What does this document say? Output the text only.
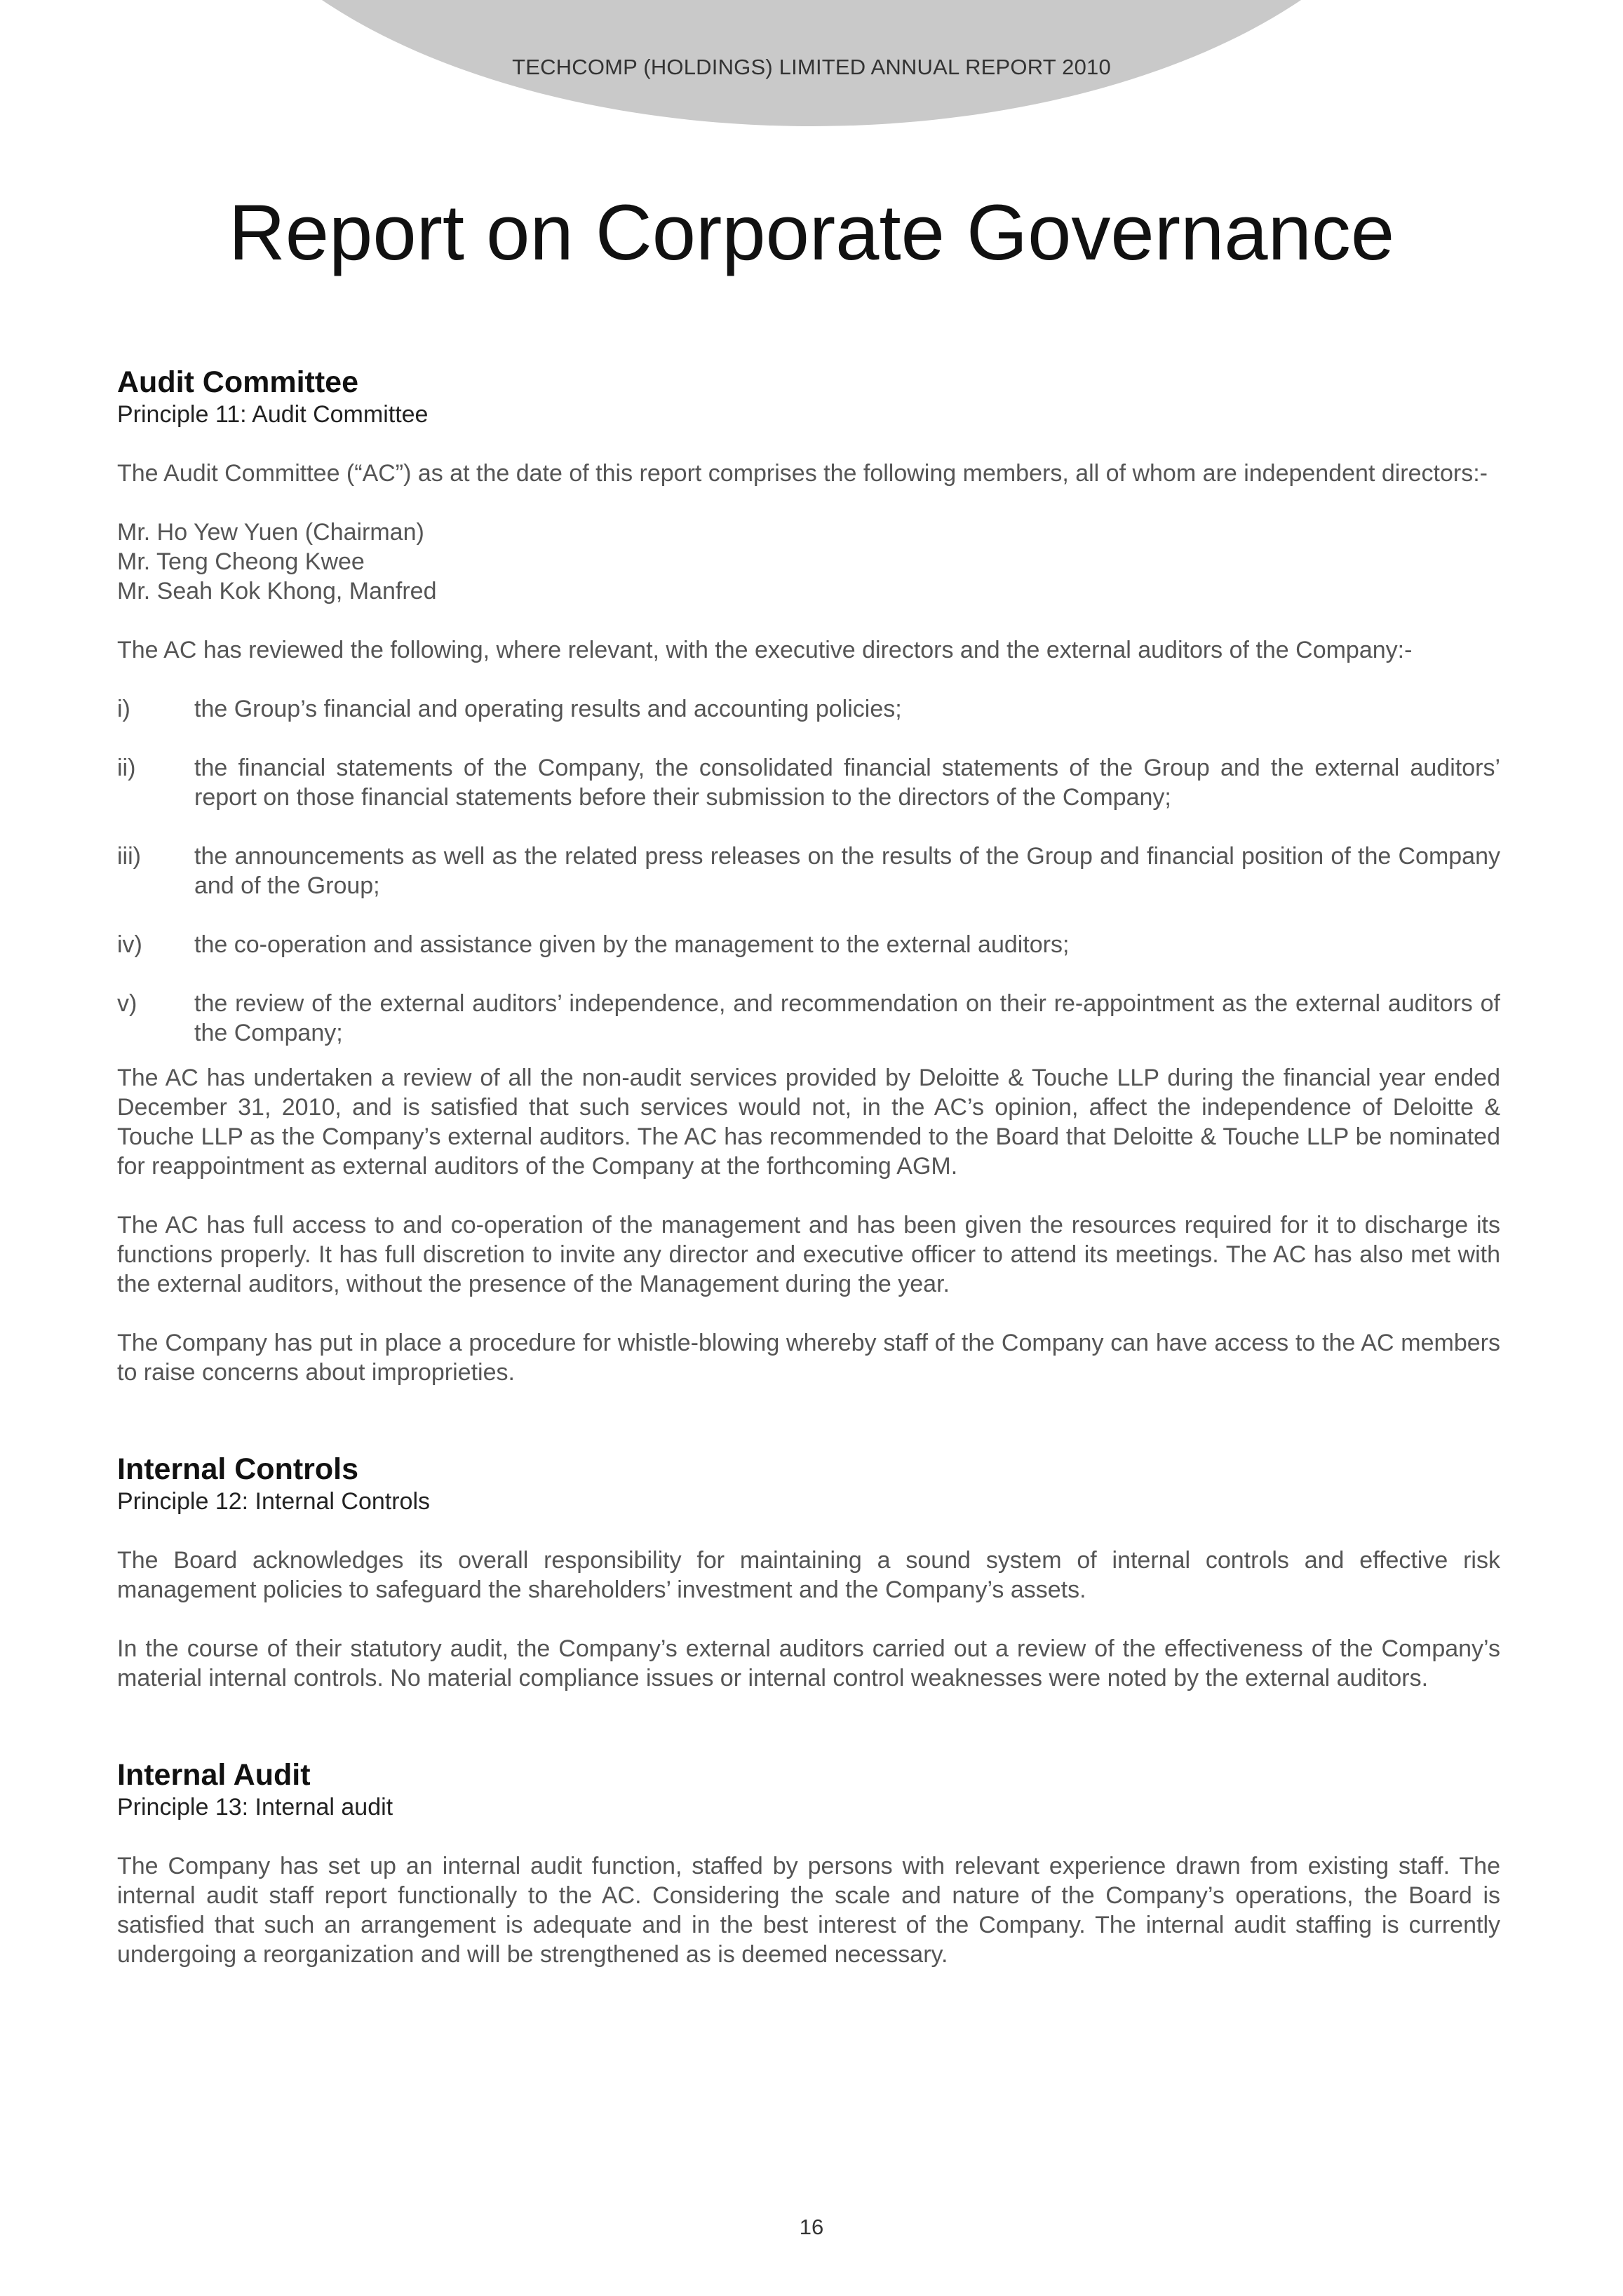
TECHCOMP (HOLDINGS) LIMITED ANNUAL REPORT 2010
Report on Corporate Governance
Audit Committee
Principle 11: Audit Committee

The Audit Committee (“AC”) as at the date of this report comprises the following members, all of whom are independent directors:-

Mr. Ho Yew Yuen (Chairman)
Mr. Teng Cheong Kwee
Mr. Seah Kok Khong, Manfred

The AC has reviewed the following, where relevant, with the executive directors and the external auditors of the Company:-

i)	the Group’s financial and operating results and accounting policies;
ii)	the financial statements of the Company, the consolidated financial statements of the Group and the external auditors’ report on those financial statements before their submission to the directors of the Company;
iii)	the announcements as well as the related press releases on the results of the Group and financial position of the Company and of the Group;
iv)	the co-operation and assistance given by the management to the external auditors;
v)	the review of the external auditors’ independence, and recommendation on their re-appointment as the external auditors of the Company;

The AC has undertaken a review of all the non-audit services provided by Deloitte & Touche LLP during the financial year ended December 31, 2010, and is satisfied that such services would not, in the AC’s opinion, affect the independence of Deloitte & Touche LLP as the Company’s external auditors. The AC has recommended to the Board that Deloitte & Touche LLP be nominated for reappointment as external auditors of the Company at the forthcoming AGM.

The AC has full access to and co-operation of the management and has been given the resources required for it to discharge its functions properly. It has full discretion to invite any director and executive officer to attend its meetings. The AC has also met with the external auditors, without the presence of the Management during the year.

The Company has put in place a procedure for whistle-blowing whereby staff of the Company can have access to the AC members to raise concerns about improprieties.

Internal Controls
Principle 12: Internal Controls

The Board acknowledges its overall responsibility for maintaining a sound system of internal controls and effective risk management policies to safeguard the shareholders’ investment and the Company’s assets.

In the course of their statutory audit, the Company’s external auditors carried out a review of the effectiveness of the Company’s material internal controls. No material compliance issues or internal control weaknesses were noted by the external auditors.

Internal Audit
Principle 13: Internal audit

The Company has set up an internal audit function, staffed by persons with relevant experience drawn from existing staff. The internal audit staff report functionally to the AC. Considering the scale and nature of the Company’s operations, the Board is satisfied that such an arrangement is adequate and in the best interest of the Company. The internal audit staffing is currently undergoing a reorganization and will be strengthened as is deemed necessary.

16
